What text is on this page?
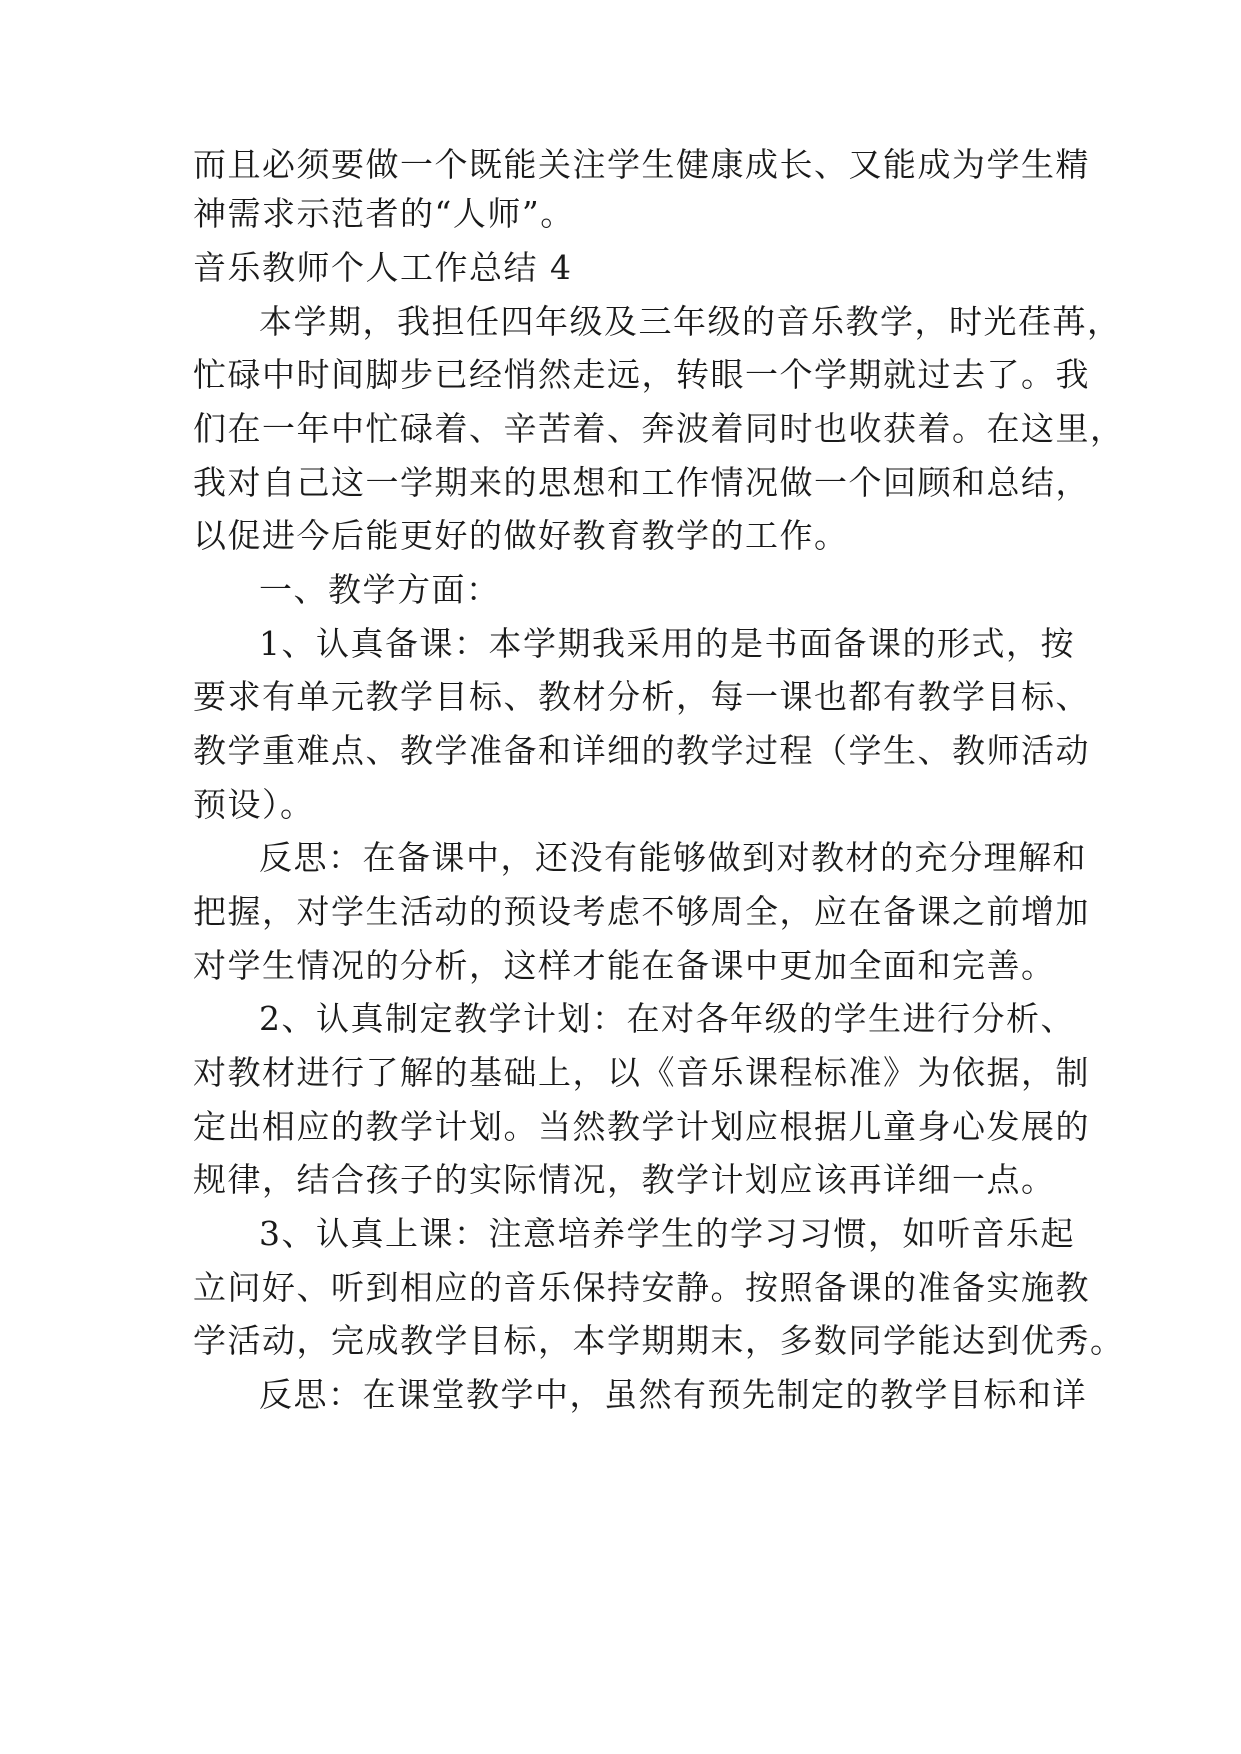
而且必须要做一个既能关注学生健康成长、又能成为学生精

神需求示范者的“人师”。

音乐教师个人工作总结 4

本学期，我担任四年级及三年级的音乐教学，时光荏苒，

忙碌中时间脚步已经悄然走远，转眼一个学期就过去了。我

们在一年中忙碌着、辛苦着、奔波着同时也收获着。在这里，

我对自己这一学期来的思想和工作情况做一个回顾和总结，

以促进今后能更好的做好教育教学的工作。

一、教学方面：

1、认真备课：本学期我采用的是书面备课的形式，按

要求有单元教学目标、教材分析，每一课也都有教学目标、

教学重难点、教学准备和详细的教学过程（学生、教师活动

预设）。

反思：在备课中，还没有能够做到对教材的充分理解和

把握，对学生活动的预设考虑不够周全，应在备课之前增加

对学生情况的分析，这样才能在备课中更加全面和完善。

2、认真制定教学计划：在对各年级的学生进行分析、

对教材进行了解的基础上，以《音乐课程标准》为依据，制

定出相应的教学计划。当然教学计划应根据儿童身心发展的

规律，结合孩子的实际情况，教学计划应该再详细一点。

3、认真上课：注意培养学生的学习习惯，如听音乐起

立问好、听到相应的音乐保持安静。按照备课的准备实施教

学活动，完成教学目标，本学期期末，多数同学能达到优秀。

反思：在课堂教学中，虽然有预先制定的教学目标和详
